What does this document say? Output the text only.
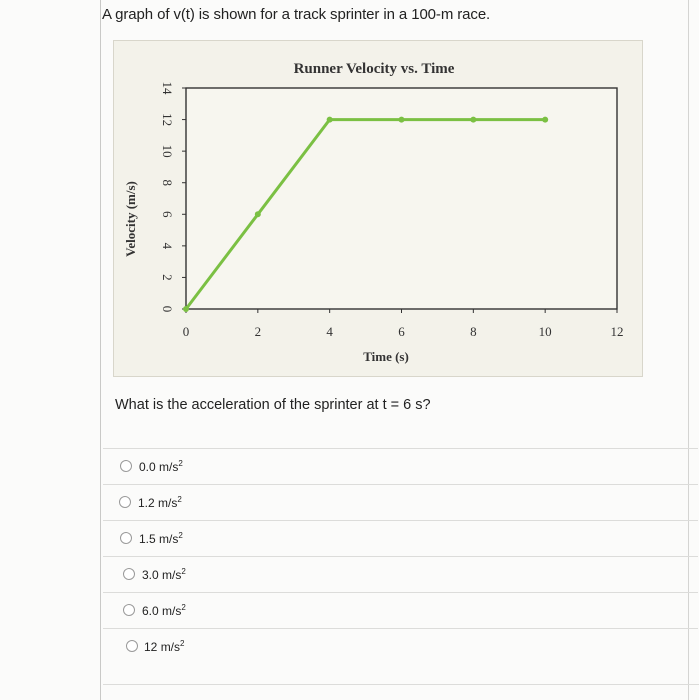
A graph of v(t) is shown for a track sprinter in a 100-m race.
Runner Velocity vs. Time
Time (s)
Velocity (m/s)
0
2
4
6
8
10
12
14
0	2	4	6	8	10	12
What is the acceleration of the sprinter at t = 6 s?
0.0 $m/s^2$
1.2 $m/s^2$
1.5 $m/s^2$
3.0 $m/s^2$
6.0 $m/s^2$
12 $m/s^2$
